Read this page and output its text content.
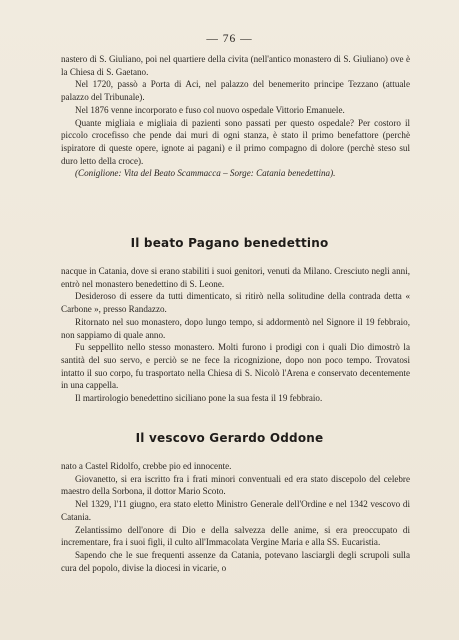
— 76 —

nastero di S. Giuliano, poi nel quartiere della civita (nell'antico monastero di S. Giuliano) ove è la Chiesa di S. Gaetano.

Nel 1720, passò a Porta di Aci, nel palazzo del benemerito principe Tezzano (attuale palazzo del Tribunale).

Nel 1876 venne incorporato e fuso col nuovo ospedale Vittorio Emanuele.

Quante migliaia e migliaia di pazienti sono passati per questo ospedale? Per costoro il piccolo crocefisso che pende dai muri di ogni stanza, è stato il primo benefattore (perchè ispiratore di queste opere, ignote ai pagani) e il primo compagno di dolore (perchè steso sul duro letto della croce).

(Coniglione: Vita del Beato Scammacca – Sorge: Catania benedettina).

Il beato Pagano benedettino

nacque in Catania, dove si erano stabiliti i suoi genitori, venuti da Milano. Cresciuto negli anni, entrò nel monastero benedettino di S. Leone.

Desideroso di essere da tutti dimenticato, si ritirò nella solitudine della contrada detta « Carbone », presso Randazzo.

Ritornato nel suo monastero, dopo lungo tempo, si addormentò nel Signore il 19 febbraio, non sappiamo di quale anno.

Fu seppellito nello stesso monastero. Molti furono i prodigi con i quali Dio dimostrò la santità del suo servo, e perciò se ne fece la ricognizione, dopo non poco tempo. Trovatosi intatto il suo corpo, fu trasportato nella Chiesa di S. Nicolò l'Arena e conservato decentemente in una cappella.

Il martirologio benedettino siciliano pone la sua festa il 19 febbraio.

Il vescovo Gerardo Oddone

nato a Castel Ridolfo, crebbe pio ed innocente.

Giovanetto, si era iscritto fra i frati minori conventuali ed era stato discepolo del celebre maestro della Sorbona, il dottor Mario Scoto.

Nel 1329, l'11 giugno, era stato eletto Ministro Generale dell'Ordine e nel 1342 vescovo di Catania.

Zelantissimo dell'onore di Dio e della salvezza delle anime, si era preoccupato di incrementare, fra i suoi figli, il culto all'Immacolata Vergine Maria e alla SS. Eucaristia.

Sapendo che le sue frequenti assenze da Catania, potevano lasciargli degli scrupoli sulla cura del popolo, divise la diocesi in vicarie, o
